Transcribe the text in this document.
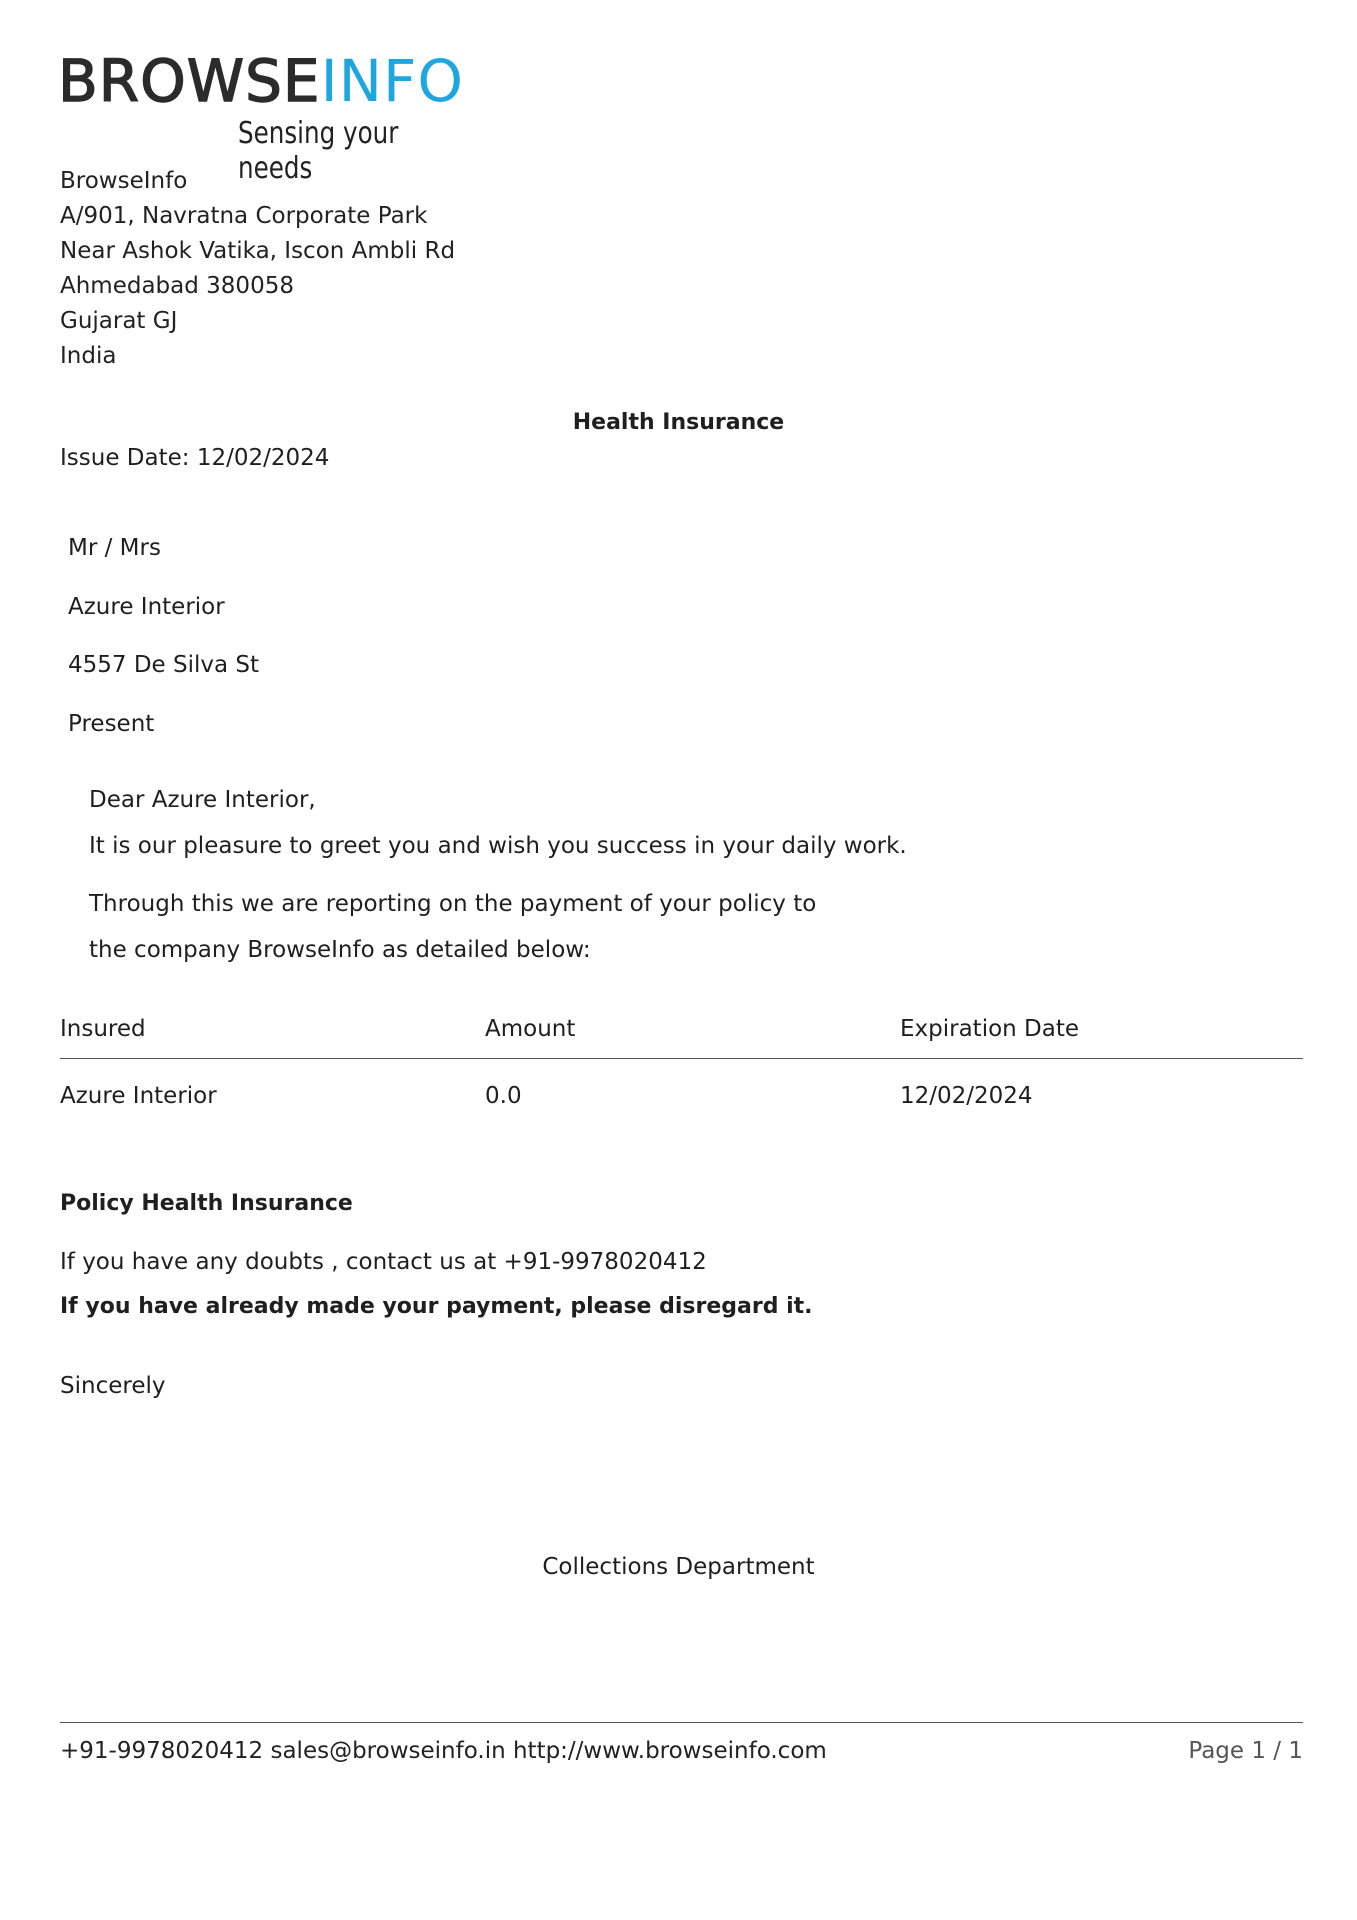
BROWSEINFO
Sensing your needs
BrowseInfo
A/901, Navratna Corporate Park
Near Ashok Vatika, Iscon Ambli Rd
Ahmedabad 380058
Gujarat GJ
India
Health Insurance
Issue Date: 12/02/2024
Mr / Mrs
Azure Interior
4557 De Silva St
Present
Dear Azure Interior,
It is our pleasure to greet you and wish you success in your daily work.
Through this we are reporting on the payment of your policy to
the company BrowseInfo as detailed below:
Insured	Amount	Expiration Date
Azure Interior	0.0	12/02/2024
Policy Health Insurance
If you have any doubts , contact us at +91-9978020412
If you have already made your payment, please disregard it.
Sincerely
Collections Department
+91-9978020412 sales@browseinfo.in http://www.browseinfo.com	Page 1 / 1
